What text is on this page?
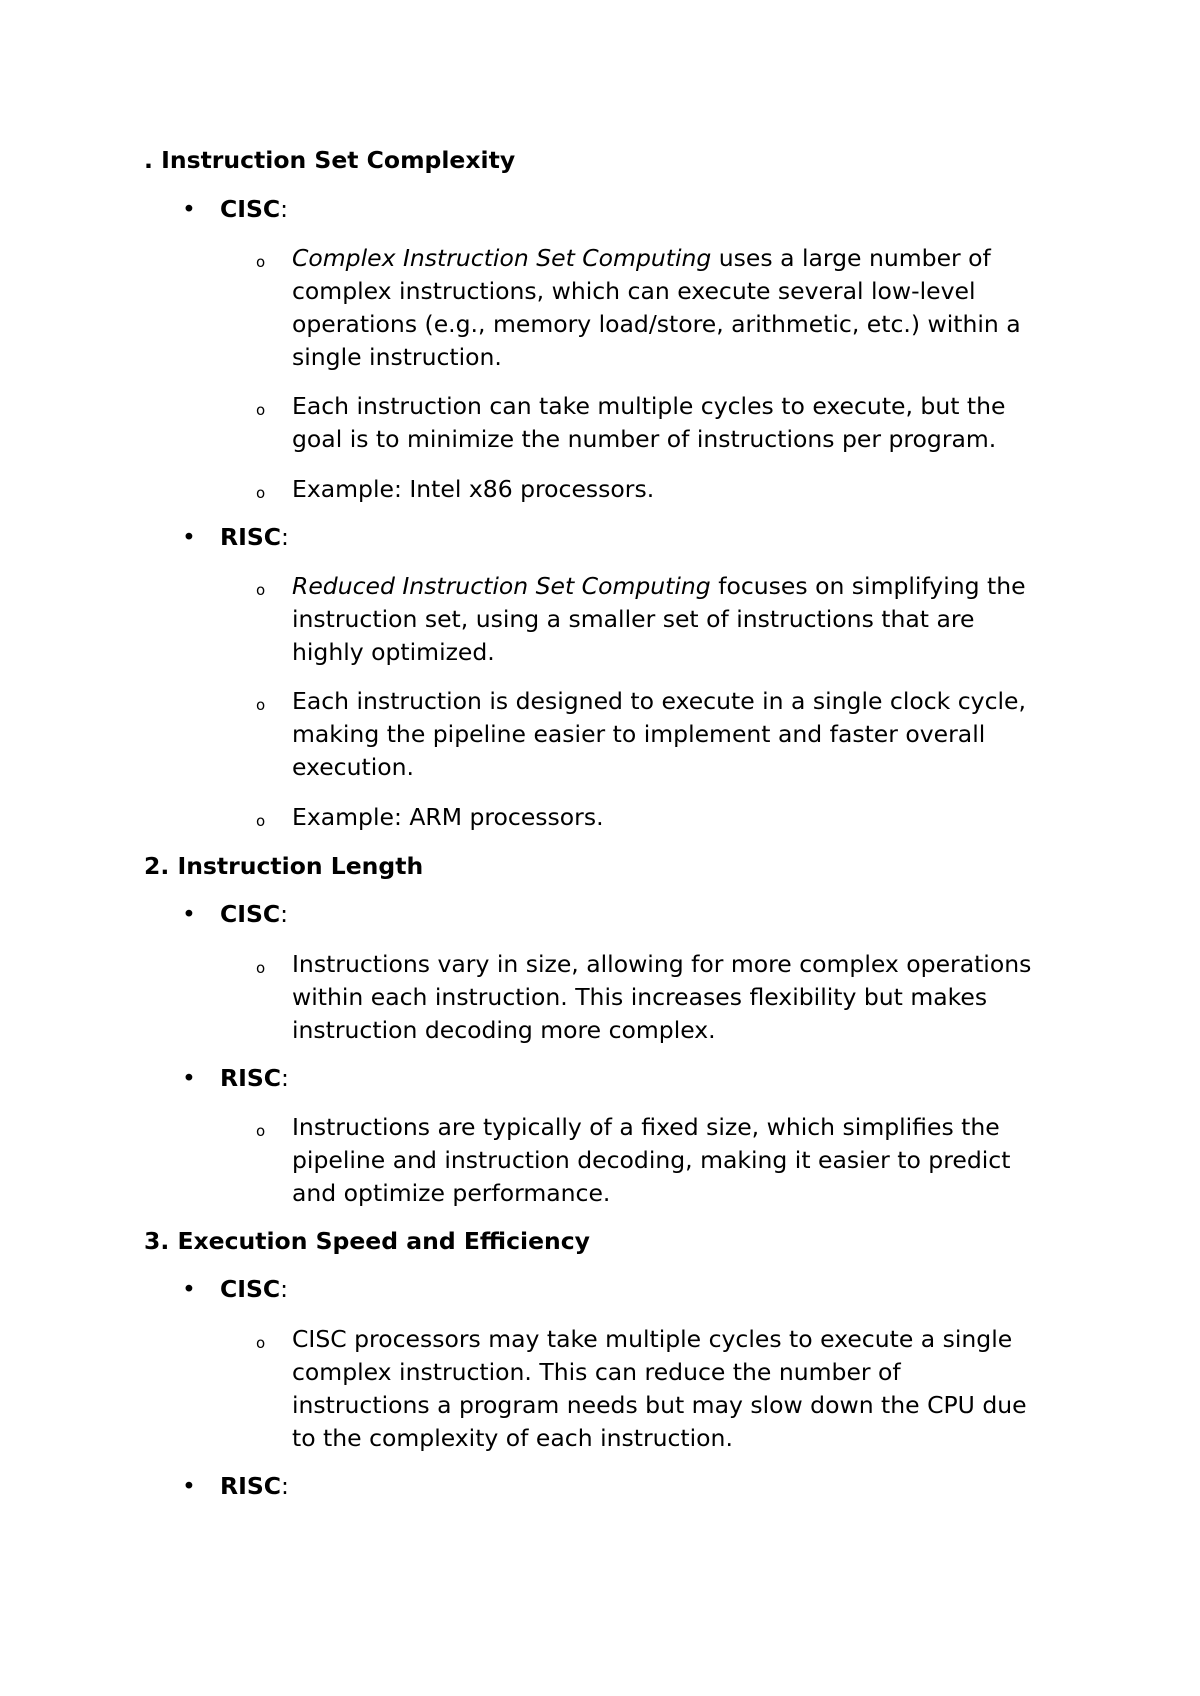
. Instruction Set Complexity
• CISC:
o Complex Instruction Set Computing uses a large number of
complex instructions, which can execute several low-level
operations (e.g., memory load/store, arithmetic, etc.) within a
single instruction.
o Each instruction can take multiple cycles to execute, but the
goal is to minimize the number of instructions per program.
o Example: Intel x86 processors.
• RISC:
o Reduced Instruction Set Computing focuses on simplifying the
instruction set, using a smaller set of instructions that are
highly optimized.
o Each instruction is designed to execute in a single clock cycle,
making the pipeline easier to implement and faster overall
execution.
o Example: ARM processors.
2. Instruction Length
• CISC:
o Instructions vary in size, allowing for more complex operations
within each instruction. This increases flexibility but makes
instruction decoding more complex.
• RISC:
o Instructions are typically of a fixed size, which simplifies the
pipeline and instruction decoding, making it easier to predict
and optimize performance.
3. Execution Speed and Efficiency
• CISC:
o CISC processors may take multiple cycles to execute a single
complex instruction. This can reduce the number of
instructions a program needs but may slow down the CPU due
to the complexity of each instruction.
• RISC:
